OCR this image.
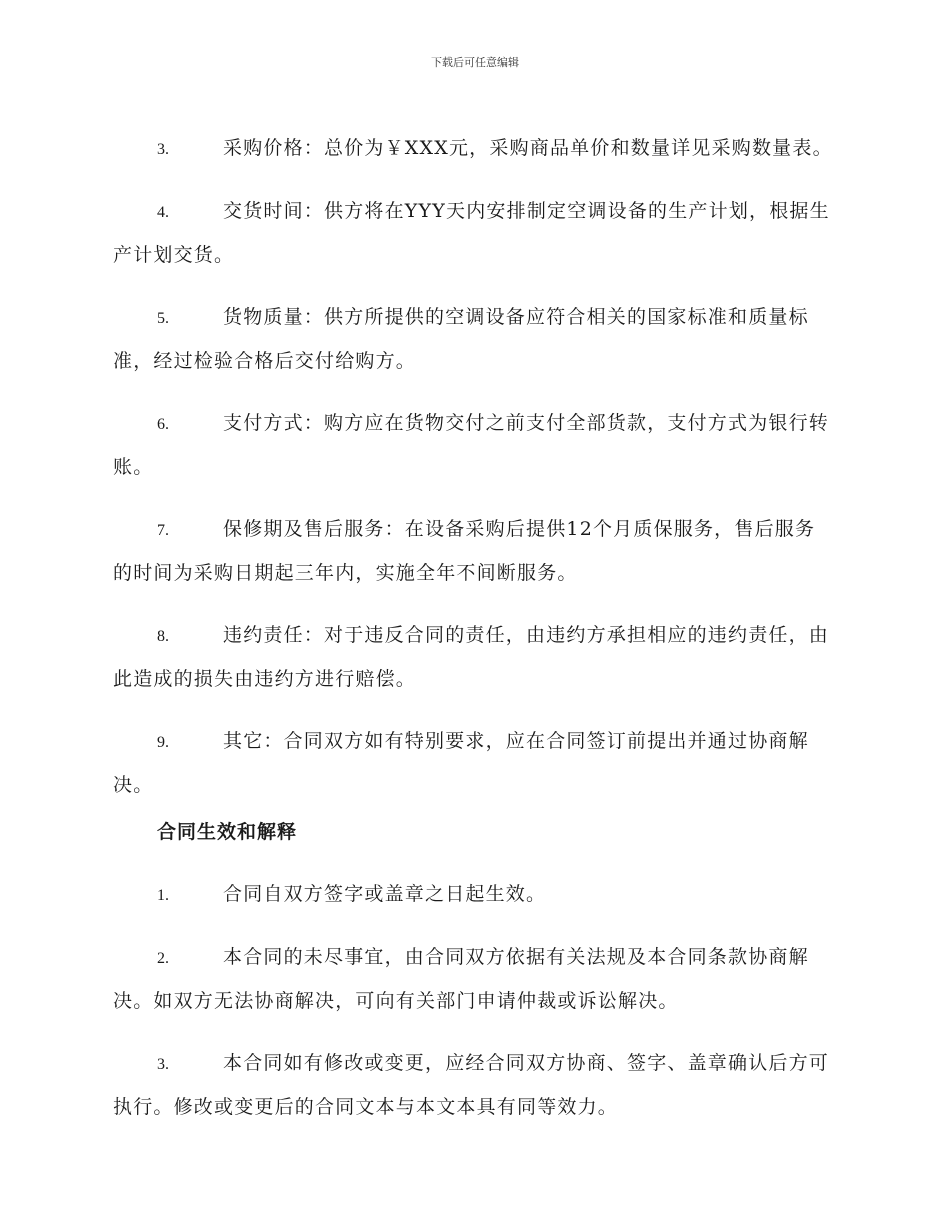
下载后可任意编辑

3.	采购价格：总价为￥XXX元，采购商品单价和数量详见采购数量表。

4.	交货时间：供方将在YYY天内安排制定空调设备的生产计划，根据生产计划交货。

5.	货物质量：供方所提供的空调设备应符合相关的国家标准和质量标准，经过检验合格后交付给购方。

6.	支付方式：购方应在货物交付之前支付全部货款，支付方式为银行转账。

7.	保修期及售后服务：在设备采购后提供12个月质保服务，售后服务的时间为采购日期起三年内，实施全年不间断服务。

8.	违约责任：对于违反合同的责任，由违约方承担相应的违约责任，由此造成的损失由违约方进行赔偿。

9.	其它：合同双方如有特别要求，应在合同签订前提出并通过协商解决。

合同生效和解释

1.	合同自双方签字或盖章之日起生效。

2.	本合同的未尽事宜，由合同双方依据有关法规及本合同条款协商解决。如双方无法协商解决，可向有关部门申请仲裁或诉讼解决。

3.	本合同如有修改或变更，应经合同双方协商、签字、盖章确认后方可执行。修改或变更后的合同文本与本文本具有同等效力。
